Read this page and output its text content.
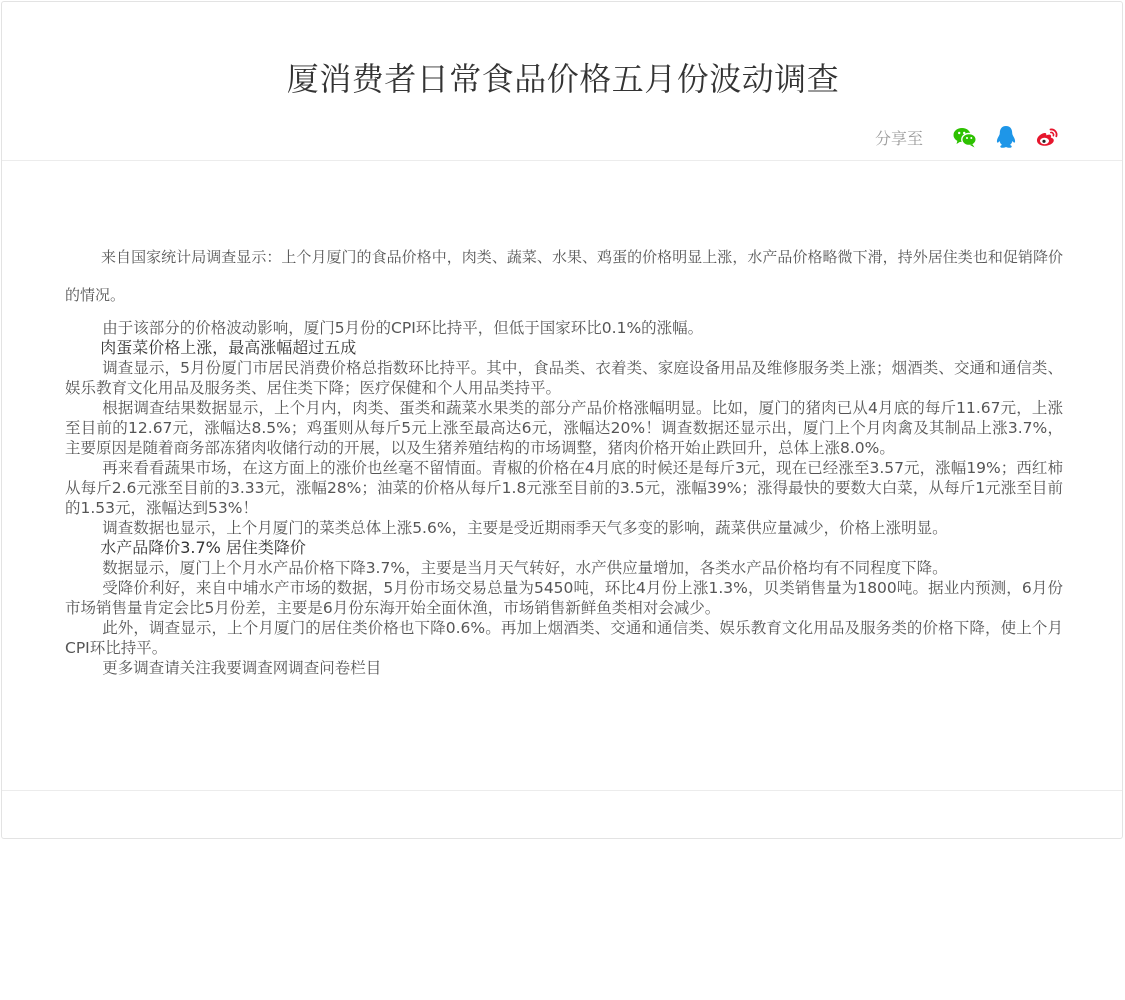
厦消费者日常食品价格五月份波动调查
分享至

来自国家统计局调查显示：上个月厦门的食品价格中，肉类、蔬菜、水果、鸡蛋的价格明显上涨，水产品价格略微下滑，持外居住类也和促销降价的情况。

由于该部分的价格波动影响，厦门5月份的CPI环比持平，但低于国家环比0.1%的涨幅。

肉蛋菜价格上涨，最高涨幅超过五成

调查显示，5月份厦门市居民消费价格总指数环比持平。其中，食品类、衣着类、家庭设备用品及维修服务类上涨；烟酒类、交通和通信类、娱乐教育文化用品及服务类、居住类下降；医疗保健和个人用品类持平。

根据调查结果数据显示，上个月内，肉类、蛋类和蔬菜水果类的部分产品价格涨幅明显。比如，厦门的猪肉已从4月底的每斤11.67元，上涨至目前的12.67元，涨幅达8.5%；鸡蛋则从每斤5元上涨至最高达6元，涨幅达20%！调查数据还显示出，厦门上个月肉禽及其制品上涨3.7%，主要原因是随着商务部冻猪肉收储行动的开展，以及生猪养殖结构的市场调整，猪肉价格开始止跌回升，总体上涨8.0%。

再来看看蔬果市场，在这方面上的涨价也丝毫不留情面。青椒的价格在4月底的时候还是每斤3元，现在已经涨至3.57元，涨幅19%；西红柿从每斤2.6元涨至目前的3.33元，涨幅28%；油菜的价格从每斤1.8元涨至目前的3.5元，涨幅39%；涨得最快的要数大白菜，从每斤1元涨至目前的1.53元，涨幅达到53%！

调查数据也显示，上个月厦门的菜类总体上涨5.6%，主要是受近期雨季天气多变的影响，蔬菜供应量减少，价格上涨明显。

水产品降价3.7% 居住类降价

数据显示，厦门上个月水产品价格下降3.7%，主要是当月天气转好，水产供应量增加，各类水产品价格均有不同程度下降。

受降价利好，来自中埔水产市场的数据，5月份市场交易总量为5450吨，环比4月份上涨1.3%，贝类销售量为1800吨。据业内预测，6月份市场销售量肯定会比5月份差，主要是6月份东海开始全面休渔，市场销售新鲜鱼类相对会减少。

此外，调查显示，上个月厦门的居住类价格也下降0.6%。再加上烟酒类、交通和通信类、娱乐教育文化用品及服务类的价格下降，使上个月CPI环比持平。

更多调查请关注我要调查网调查问卷栏目
